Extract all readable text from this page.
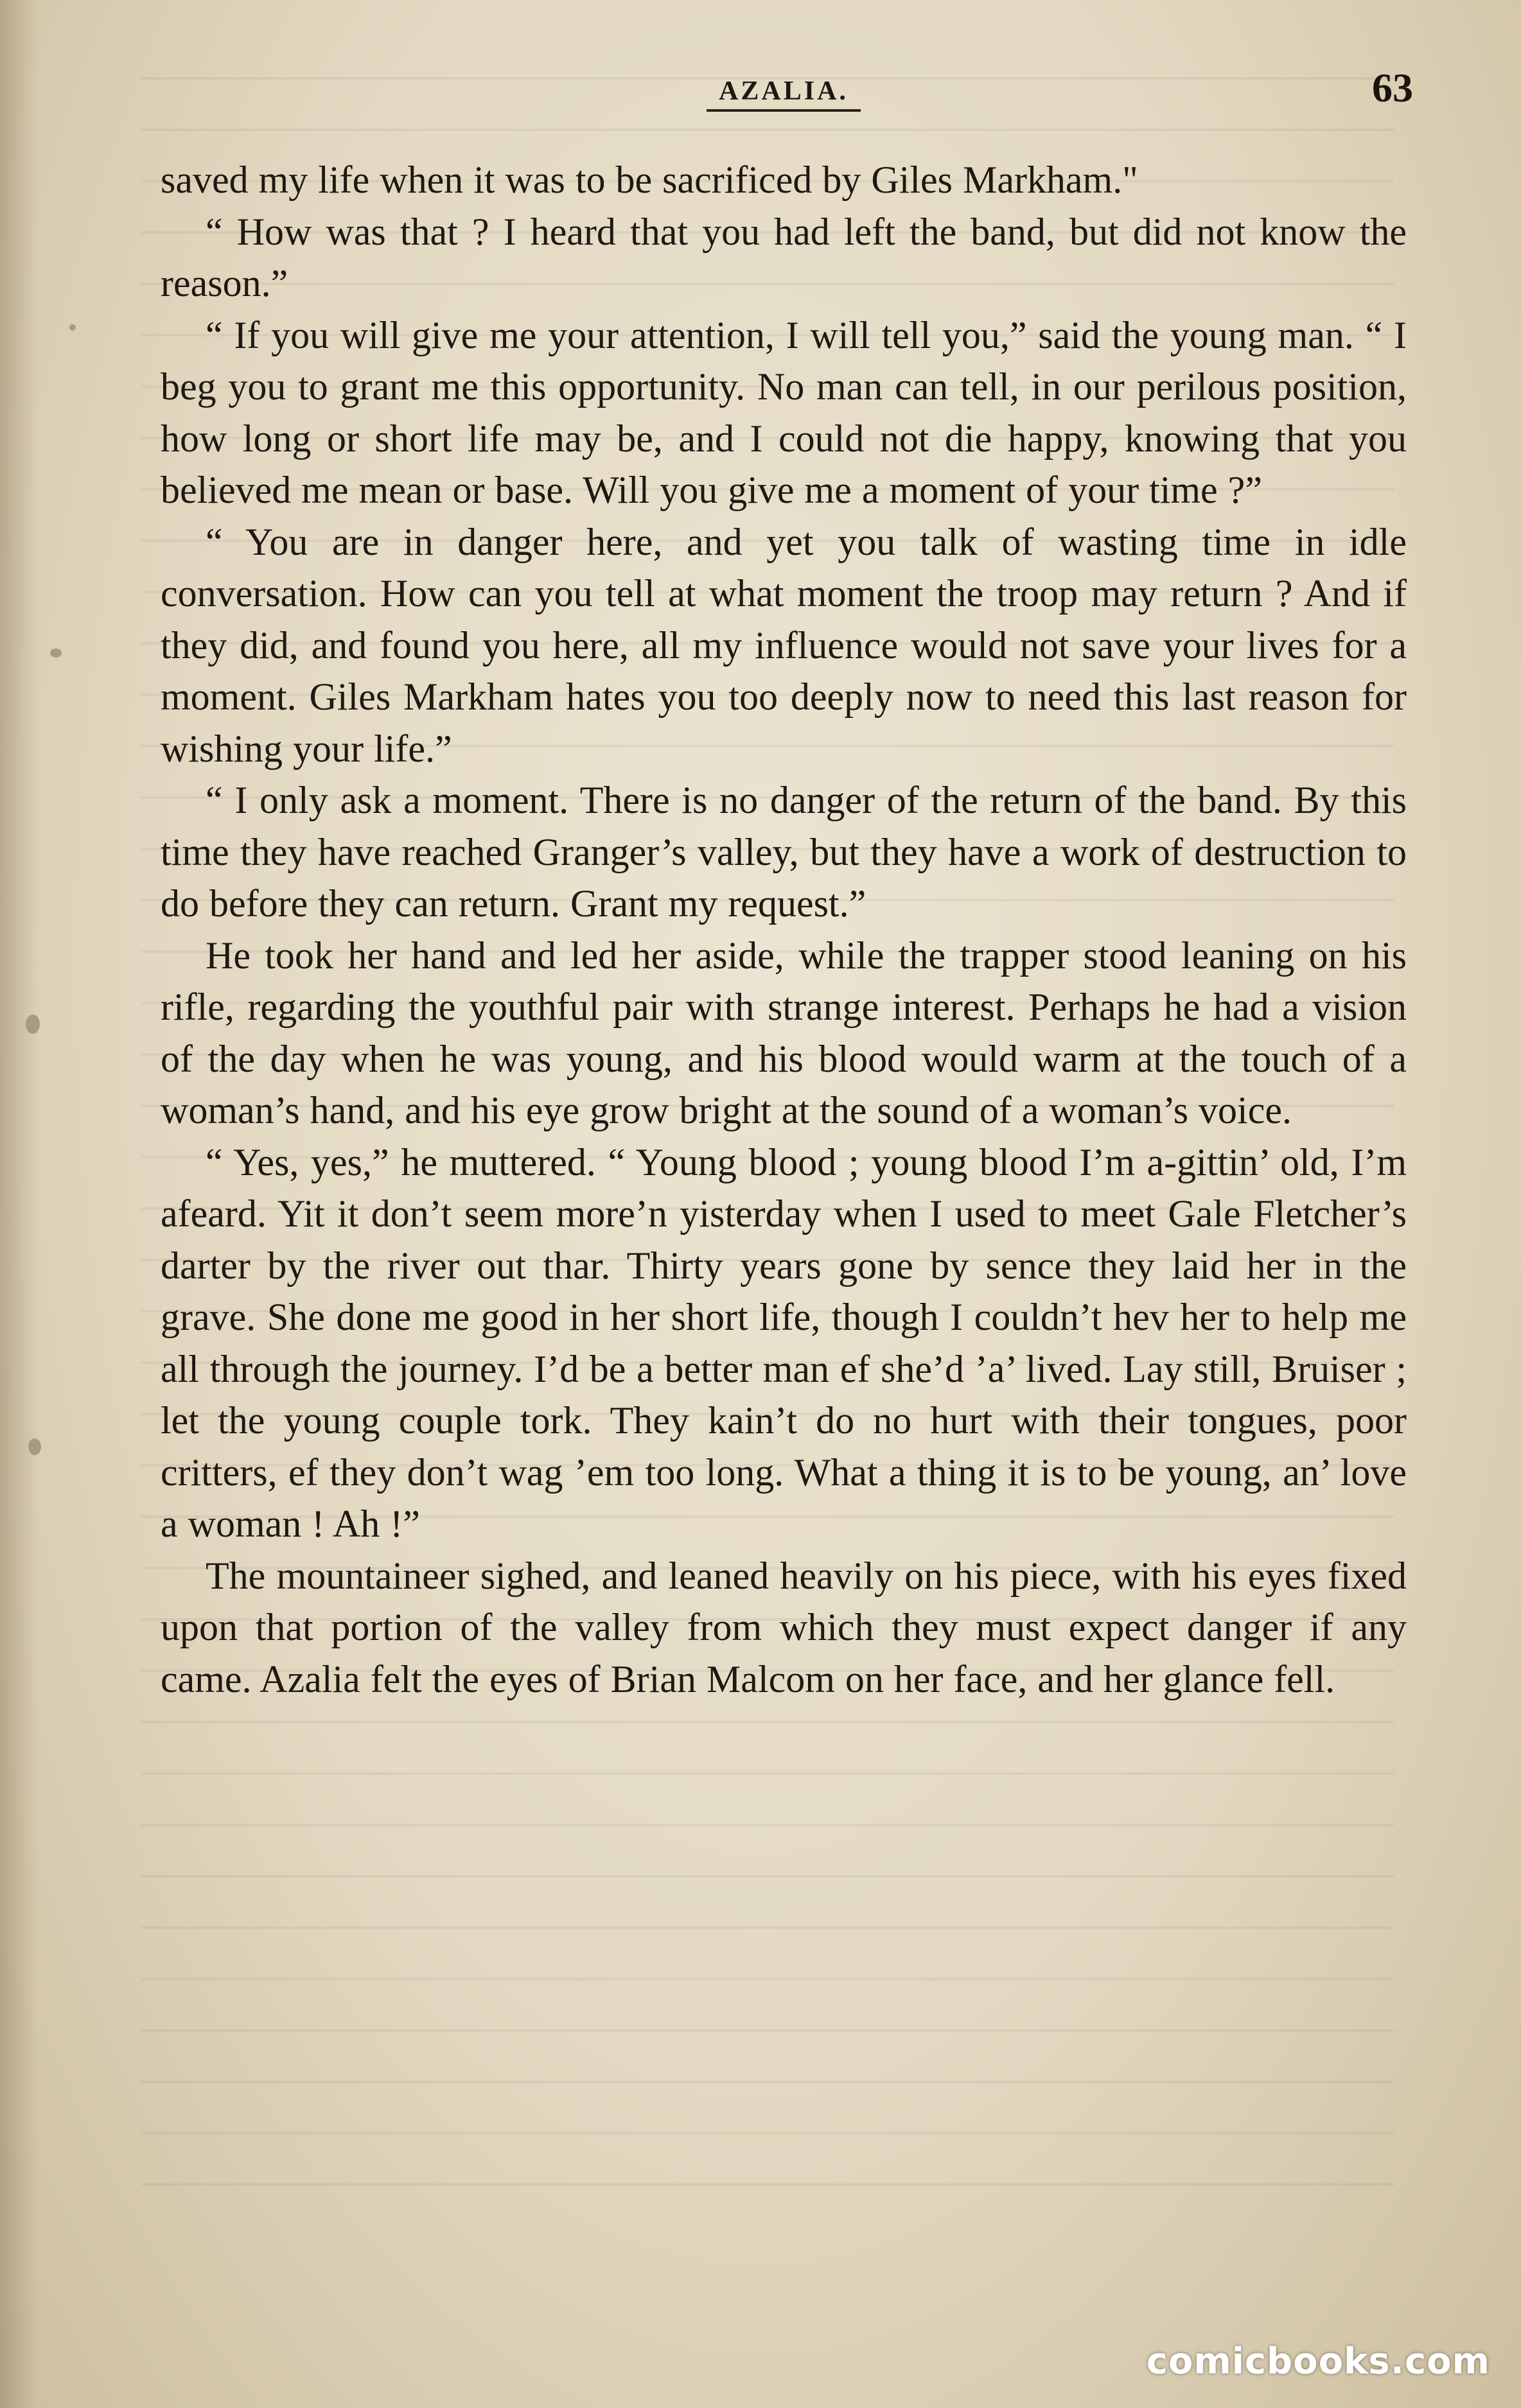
AZALIA.	63

saved my life when it was to be sacrificed by Giles Markham."

“ How was that ? I heard that you had left the band, but did not know the reason.”

“ If you will give me your attention, I will tell you,” said the young man. “ I beg you to grant me this opportunity. No man can tell, in our perilous position, how long or short life may be, and I could not die happy, knowing that you believed me mean or base. Will you give me a moment of your time ?”

“ You are in danger here, and yet you talk of wasting time in idle conversation. How can you tell at what moment the troop may return ? And if they did, and found you here, all my influence would not save your lives for a moment. Giles Markham hates you too deeply now to need this last reason for wishing your life.”

“ I only ask a moment. There is no danger of the return of the band. By this time they have reached Granger’s valley, but they have a work of destruction to do before they can return. Grant my request.”

He took her hand and led her aside, while the trapper stood leaning on his rifle, regarding the youthful pair with strange interest. Perhaps he had a vision of the day when he was young, and his blood would warm at the touch of a woman’s hand, and his eye grow bright at the sound of a woman’s voice.

“ Yes, yes,” he muttered. “ Young blood ; young blood I’m a-gittin’ old, I’m afeard. Yit it don’t seem more’n yisterday when I used to meet Gale Fletcher’s darter by the river out thar. Thirty years gone by sence they laid her in the grave. She done me good in her short life, though I couldn’t hev her to help me all through the journey. I’d be a better man ef she’d ’a’ lived. Lay still, Bruiser ; let the young couple tork. They kain’t do no hurt with their tongues, poor critters, ef they don’t wag ’em too long. What a thing it is to be young, an’ love a woman ! Ah !”

The mountaineer sighed, and leaned heavily on his piece, with his eyes fixed upon that portion of the valley from which they must expect danger if any came. Azalia felt the eyes of Brian Malcom on her face, and her glance fell.

comicbooks.com
